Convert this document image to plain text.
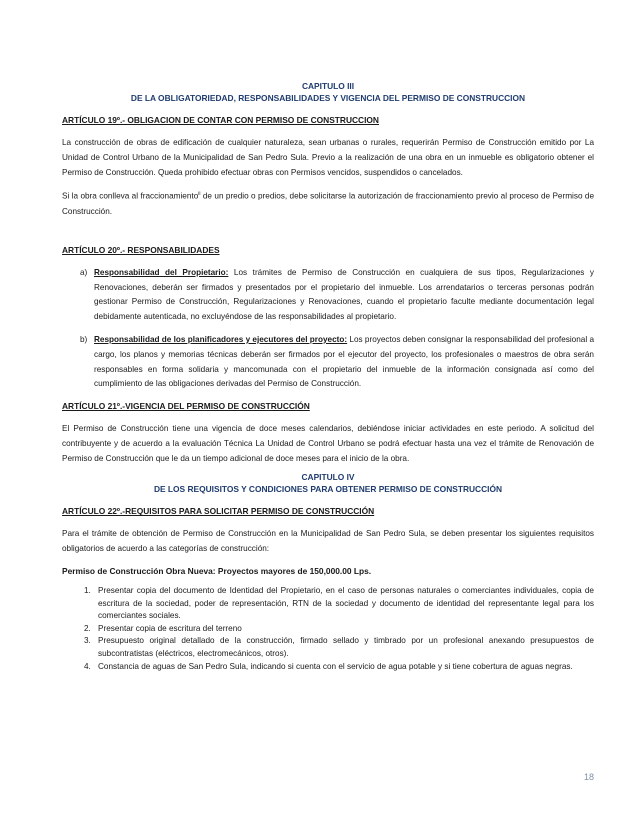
CAPITULO III
DE LA OBLIGATORIEDAD, RESPONSABILIDADES Y VIGENCIA DEL PERMISO DE CONSTRUCCION
ARTÍCULO 19º.- OBLIGACION DE CONTAR CON PERMISO DE CONSTRUCCION

La construcción de obras de edificación de cualquier naturaleza, sean urbanas o rurales, requerirán Permiso de Construcción emitido por La Unidad de Control Urbano de la Municipalidad de San Pedro Sula. Previo a la realización de una obra en un inmueble es obligatorio obtener el Permiso de Construcción. Queda prohibido efectuar obras con Permisos vencidos, suspendidos o cancelados.

Si la obra conlleva al fraccionamiento$^{ii}$ de un predio o predios, debe solicitarse la autorización de fraccionamiento previo al proceso de Permiso de Construcción.

ARTÍCULO 20º.- RESPONSABILIDADES
a) Responsabilidad del Propietario: Los trámites de Permiso de Construcción en cualquiera de sus tipos, Regularizaciones y Renovaciones, deberán ser firmados y presentados por el propietario del inmueble. Los arrendatarios o terceras personas podrán gestionar Permiso de Construcción, Regularizaciones y Renovaciones, cuando el propietario faculte mediante documentación legal debidamente autenticada, no excluyéndose de las responsabilidades al propietario.

b) Responsabilidad de los planificadores y ejecutores del proyecto: Los proyectos deben consignar la responsabilidad del profesional a cargo, los planos y memorias técnicas deberán ser firmados por el ejecutor del proyecto, los profesionales o maestros de obra serán responsables en forma solidaria y mancomunada con el propietario del inmueble de la información consignada así como del cumplimiento de las obligaciones derivadas del Permiso de Construcción.

ARTÍCULO 21º.-VIGENCIA DEL PERMISO DE CONSTRUCCIÓN

El Permiso de Construcción tiene una vigencia de doce meses calendarios, debiéndose iniciar actividades en este periodo. A solicitud del contribuyente y de acuerdo a la evaluación Técnica La Unidad de Control Urbano se podrá efectuar hasta una vez el trámite de Renovación de Permiso de Construcción que le da un tiempo adicional de doce meses para el inicio de la obra.

CAPITULO IV
DE LOS REQUISITOS Y CONDICIONES PARA OBTENER PERMISO DE CONSTRUCCIÓN
ARTÍCULO 22º.-REQUISITOS PARA SOLICITAR PERMISO DE CONSTRUCCIÓN

Para el trámite de obtención de Permiso de Construcción en la Municipalidad de San Pedro Sula, se deben presentar los siguientes requisitos obligatorios de acuerdo a las categorías de construcción:

Permiso de Construcción Obra Nueva: Proyectos mayores de 150,000.00 Lps.
1. Presentar copia del documento de Identidad del Propietario, en el caso de personas naturales o comerciantes individuales, copia de escritura de la sociedad, poder de representación, RTN de la sociedad y documento de identidad del representante legal para los comerciantes sociales.

2. Presentar copia de escritura del terreno

3. Presupuesto original detallado de la construcción, firmado sellado y timbrado por un profesional anexando presupuestos de subcontratistas (eléctricos, electromecánicos, otros).

4. Constancia de aguas de San Pedro Sula, indicando si cuenta con el servicio de agua potable y si tiene cobertura de aguas negras.

18
